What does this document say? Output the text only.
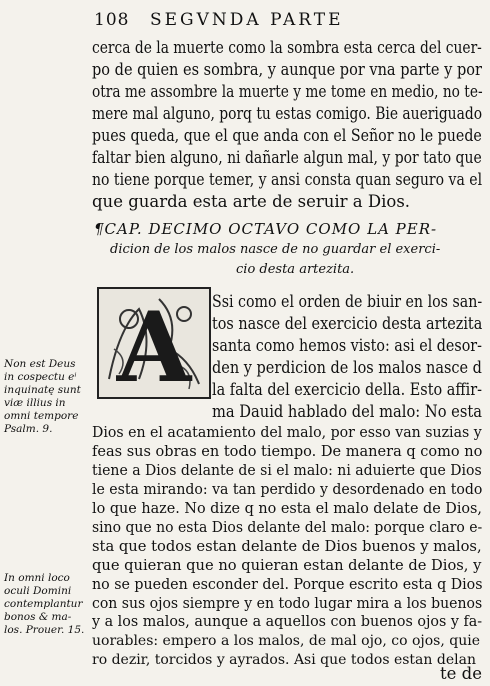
108 SEGVNDA PARTE
cerca de la muerte como la sombra esta cerca del cuer-
po de quien es sombra, y aunque por vna parte y por
otra me assombre la muerte y me tome en medio, no te-
mere mal alguno, porq tu estas comigo. Bie aueriguado
pues queda, que el que anda con el Señor no le puede
faltar bien alguno, ni dañarle algun mal, y por tato que
no tiene porque temer, y ansi consta quan seguro va el
que guarda esta arte de seruir a Dios.
¶CAP. DECIMO OCTAVO COMO LA PER-
dicion de los malos nasce de no guardar el exerci-
cio desta artezita.
A Ssi como el orden de biuir en los san-
tos nasce del exercicio desta artezita
santa como hemos visto: asi el desor-
den y perdicion de los malos nasce d
la falta del exercicio della. Esto affir-
ma Dauid hablado del malo: No esta
Dios en el acatamiento del malo, por esso van suzias y
feas sus obras en todo tiempo. De manera q como no
tiene a Dios delante de si el malo: ni aduierte que Dios
le esta mirando: va tan perdido y desordenado en todo
lo que haze. No dize q no esta el malo delate de Dios,
sino que no esta Dios delante del malo: porque claro e-
sta que todos estan delante de Dios buenos y malos,
que quieran que no quieran estan delante de Dios, y
no se pueden esconder del. Porque escrito esta q Dios
con sus ojos siempre y en todo lugar mira a los buenos
y a los malos, aunque a aquellos con buenos ojos y fa-
uorables: empero a los malos, de mal ojo, co ojos, quie
ro dezir, torcidos y ayrados. Asi que todos estan delan
te de
Non est Deus
in cospectu eⁱ
inquinatę sunt
viæ illius in
omni tempore
Psalm. 9.
In omni loco
oculi Domini
contemplantur
bonos & ma-
los. Prouer. 15.
